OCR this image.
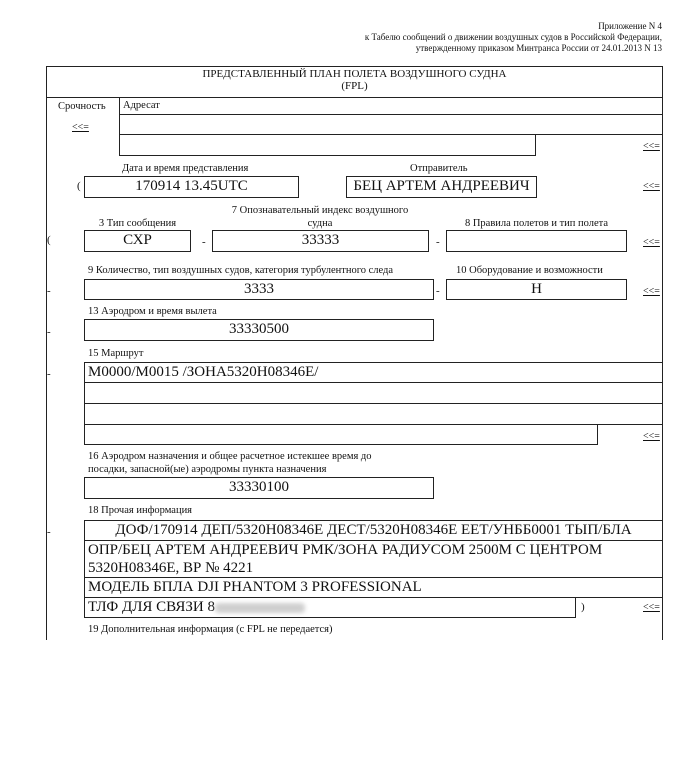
Приложение N 4
к Табелю сообщений о движении воздушных судов в Российской Федерации,
утвержденному приказом Минтранса России от 24.01.2013 N 13
ПРЕДСТАВЛЕННЫЙ ПЛАН ПОЛЕТА ВОЗДУШНОГО СУДНА
(FPL)
Срочность
<<=
Адресат
<<=
Дата и время представления	Отправитель
(	170914 13.45UTC	БЕЦ АРТЕМ АНДРЕЕВИЧ	<<=
7 Опознавательный индекс воздушного
судна
3 Тип сообщения	8 Правила полетов и тип полета
(	СХР	-	33333	-	<<=
9 Количество, тип воздушных судов, категория турбулентного следа	10 Оборудование и возможности
-	3333	-	Н	<<=
13 Аэродром и время вылета
-	33330500
15 Маршрут
- М0000/М0015 /ЗОНА5320Н08346Е/
<<=
16 Аэродром назначения и общее расчетное истекшее время до
посадки, запасной(ые) аэродромы пункта назначения
33330100
18 Прочая информация
-	ДОФ/170914 ДЕП/5320Н08346Е ДЕСТ/5320Н08346Е ЕЕТ/УНББ0001 ТЫП/БЛА
ОПР/БЕЦ АРТЕМ АНДРЕЕВИЧ РМК/ЗОНА РАДИУСОМ 2500М С ЦЕНТРОМ
5320Н08346Е, ВР № 4221
МОДЕЛЬ БПЛА DJI PHANTOM 3 PROFESSIONAL
ТЛФ ДЛЯ СВЯЗИ 8	)	<<=
19 Дополнительная информация (с FPL не передается)
